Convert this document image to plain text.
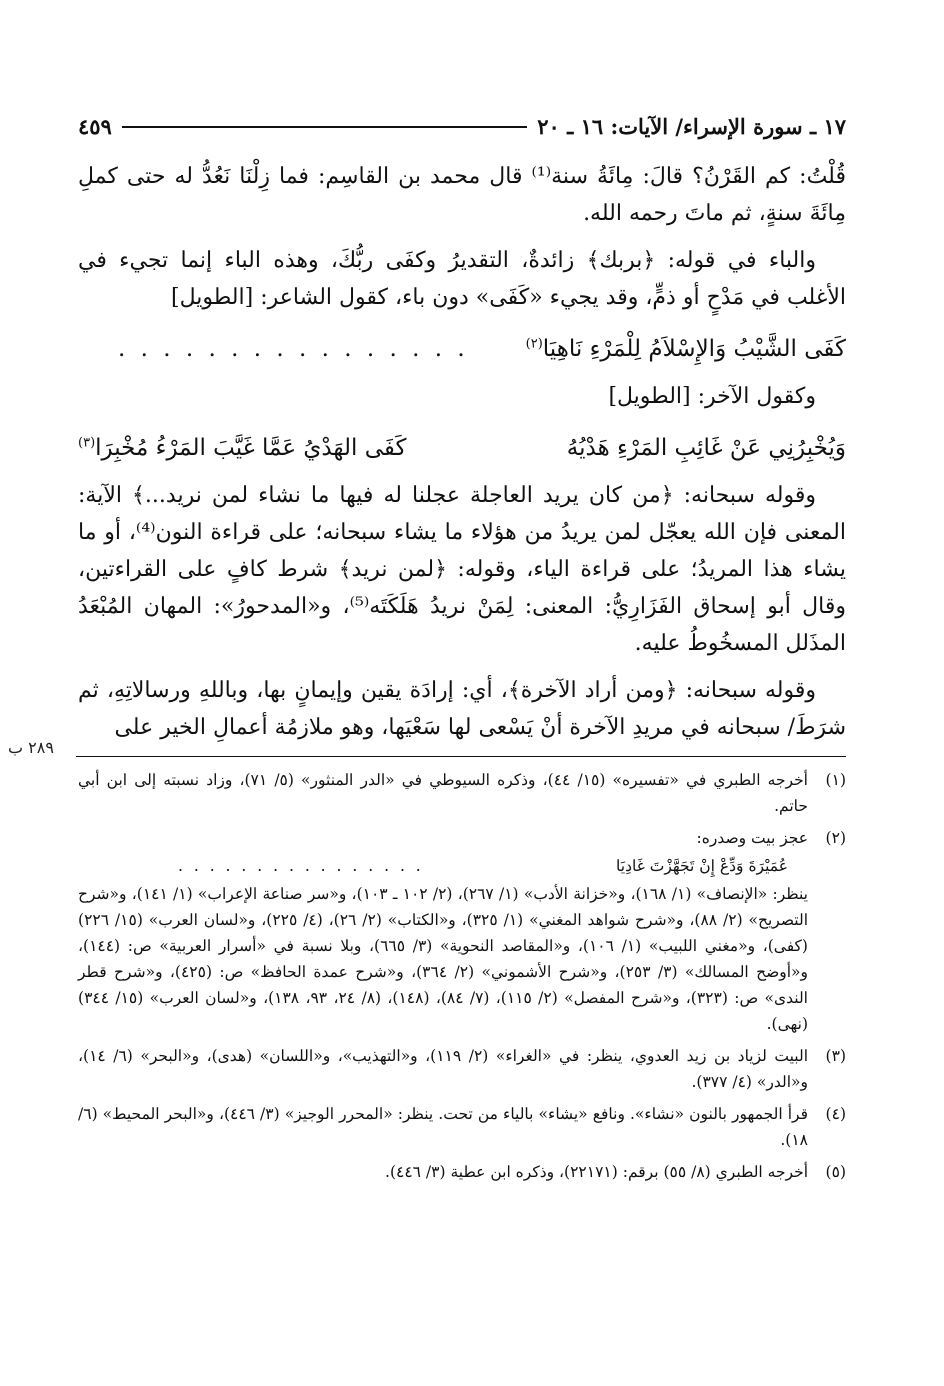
١٧ ـ سورة الإسراء/ الآيات: ١٦ ـ ٢٠
٤٥٩

قُلْتُ: كم القَرْنُ؟ قالَ: مِائَةُ سنة⁽¹⁾ قال محمد بن القاسِم: فما زِلْنَا نَعُدُّ له حتى كملِ مِائَةَ سنةٍ، ثم ماتَ رحمه الله.

والباء في قوله: ﴿بربك﴾ زائدةٌ، التقديرُ وكفَى ربُّكَ، وهذه الباء إنما تجيء في الأغلب في مَدْحٍ أو ذمٍّ، وقد يجيء «كَفَى» دون باء، كقول الشاعر: [الطويل]

كَفَى الشَّيْبُ وَالإِسْلاَمُ لِلْمَرْءِ نَاهِيَا$^{(٢)}$
. . . . . . . . . . . . . . . .

وكقول الآخر: [الطويل]

وَيُخْبِرُنِي عَنْ غَائِبِ المَرْءِ هَدْيُهُ
كَفَى الهَدْيُ عَمَّا غَيَّبَ المَرْءُ مُخْبِرَا$^{(٣)}$

وقوله سبحانه: ﴿من كان يريد العاجلة عجلنا له فيها ما نشاء لمن نريد...﴾ الآية: المعنى فإن الله يعجّل لمن يريدُ من هؤلاء ما يشاء سبحانه؛ على قراءة النون⁽⁴⁾، أو ما يشاء هذا المريدُ؛ على قراءة الياء، وقوله: ﴿لمن نريد﴾ شرط كافٍ على القراءتين، وقال أبو إسحاق الفَزَارِيُّ: المعنى: لِمَنْ نريدُ هَلَكَتَه⁽⁵⁾، و«المدحورُ»: المهان المُبْعَدُ المذَلل المسخُوطُ عليه.

وقوله سبحانه: ﴿ومن أراد الآخرة﴾، أي: إرادَة يقين وإيمانٍ بها، وباللهِ ورسالاتِهِ، ثم شرَطَ/ سبحانه في مريدِ الآخرة أنْ يَسْعى لها سَعْيَها، وهو ملازمُة أعمالِ الخير على

(١)
أخرجه الطبري في «تفسيره» (١٥/ ٤٤)، وذكره السيوطي في «الدر المنثور» (٥/ ٧١)، وزاد نسبته إلى ابن أبي حاتم.
(٢)
عجز بيت وصدره:
عُمَيْرَةَ وَدِّعْ إِنْ تَجَهَّزْتَ غَادِيَا
. . . . . . . . . . . . . . . .
ينظر: «الإنصاف» (١/ ١٦٨)، و«خزانة الأدب» (١/ ٢٦٧)، (٢/ ١٠٢ ـ ١٠٣)، و«سر صناعة الإعراب» (١/ ١٤١)، و«شرح التصريح» (٢/ ٨٨)، و«شرح شواهد المغني» (١/ ٣٢٥)، و«الكتاب» (٢/ ٢٦)، (٤/ ٢٢٥)، و«لسان العرب» (١٥/ ٢٢٦) (كفى)، و«مغني اللبيب» (١/ ١٠٦)، و«المقاصد النحوية» (٣/ ٦٦٥)، وبلا نسبة في «أسرار العربية» ص: (١٤٤)، و«أوضح المسالك» (٣/ ٢٥٣)، و«شرح الأشموني» (٢/ ٣٦٤)، و«شرح عمدة الحافظ» ص: (٤٢٥)، و«شرح قطر الندى» ص: (٣٢٣)، و«شرح المفصل» (٢/ ١١٥)، (٧/ ٨٤)، (١٤٨)، (٨/ ٢٤، ٩٣، ١٣٨)، و«لسان العرب» (١٥/ ٣٤٤) (نهى).
(٣)
البيت لزياد بن زيد العدوي، ينظر: في «الغراء» (٢/ ١١٩)، و«التهذيب»، و«اللسان» (هدى)، و«البحر» (٦/ ١٤)، و«الدر» (٤/ ٣٧٧).
(٤)
قرأ الجمهور بالنون «نشاء». ونافع «يشاء» بالياء من تحت. ينظر: «المحرر الوجيز» (٣/ ٤٤٦)، و«البحر المحيط» (٦/ ١٨).
(٥)
أخرجه الطبري (٨/ ٥٥) برقم: (٢٢١٧١)، وذكره ابن عطية (٣/ ٤٤٦).
٢٨٩ ب
